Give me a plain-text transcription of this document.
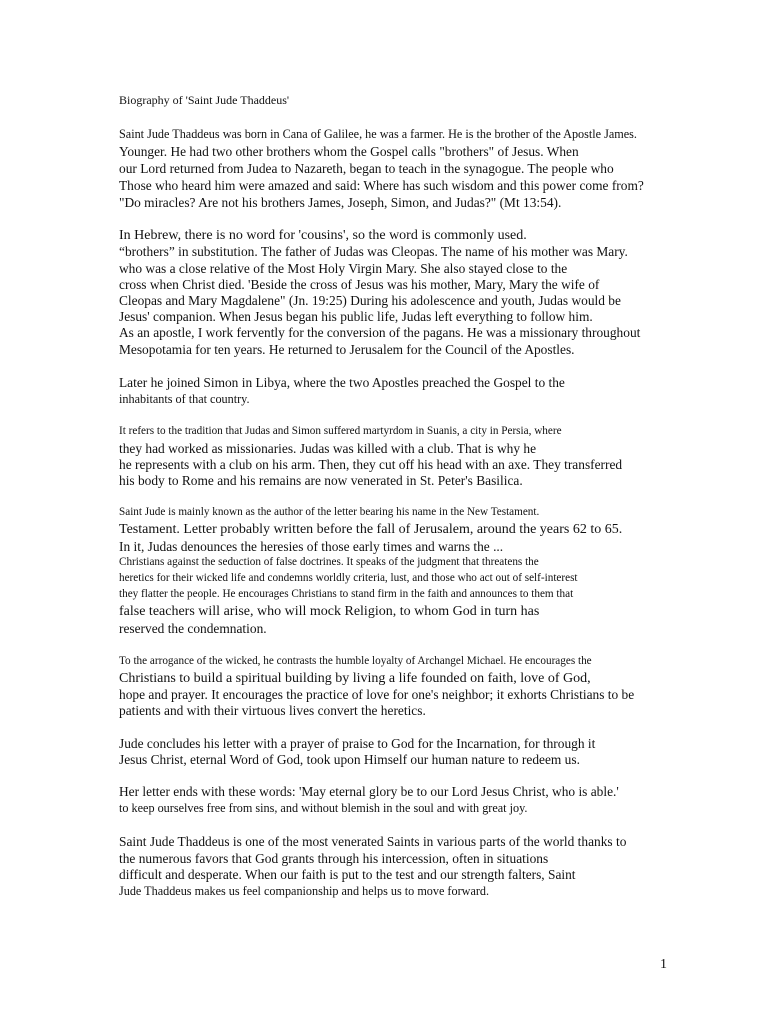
Biography of 'Saint Jude Thaddeus'
Saint Jude Thaddeus was born in Cana of Galilee, he was a farmer. He is the brother of the Apostle James.
Younger. He had two other brothers whom the Gospel calls "brothers" of Jesus. When
our Lord returned from Judea to Nazareth, began to teach in the synagogue. The people who
Those who heard him were amazed and said: Where has such wisdom and this power come from?
"Do miracles? Are not his brothers James, Joseph, Simon, and Judas?" (Mt 13:54).
In Hebrew, there is no word for 'cousins', so the word is commonly used.
“brothers” in substitution. The father of Judas was Cleopas. The name of his mother was Mary.
who was a close relative of the Most Holy Virgin Mary. She also stayed close to the
cross when Christ died. 'Beside the cross of Jesus was his mother, Mary, Mary the wife of
Cleopas and Mary Magdalene" (Jn. 19:25) During his adolescence and youth, Judas would be
Jesus' companion. When Jesus began his public life, Judas left everything to follow him.
As an apostle, I work fervently for the conversion of the pagans. He was a missionary throughout
Mesopotamia for ten years. He returned to Jerusalem for the Council of the Apostles.
Later he joined Simon in Libya, where the two Apostles preached the Gospel to the
inhabitants of that country.
It refers to the tradition that Judas and Simon suffered martyrdom in Suanis, a city in Persia, where
they had worked as missionaries. Judas was killed with a club. That is why he
he represents with a club on his arm. Then, they cut off his head with an axe. They transferred
his body to Rome and his remains are now venerated in St. Peter's Basilica.
Saint Jude is mainly known as the author of the letter bearing his name in the New Testament.
Testament. Letter probably written before the fall of Jerusalem, around the years 62 to 65.
In it, Judas denounces the heresies of those early times and warns the ...
Christians against the seduction of false doctrines. It speaks of the judgment that threatens the
heretics for their wicked life and condemns worldly criteria, lust, and those who act out of self-interest
they flatter the people. He encourages Christians to stand firm in the faith and announces to them that
false teachers will arise, who will mock Religion, to whom God in turn has
reserved the condemnation.
To the arrogance of the wicked, he contrasts the humble loyalty of Archangel Michael. He encourages the
Christians to build a spiritual building by living a life founded on faith, love of God,
hope and prayer. It encourages the practice of love for one's neighbor; it exhorts Christians to be
patients and with their virtuous lives convert the heretics.
Jude concludes his letter with a prayer of praise to God for the Incarnation, for through it
Jesus Christ, eternal Word of God, took upon Himself our human nature to redeem us.
Her letter ends with these words: 'May eternal glory be to our Lord Jesus Christ, who is able.'
to keep ourselves free from sins, and without blemish in the soul and with great joy.
Saint Jude Thaddeus is one of the most venerated Saints in various parts of the world thanks to
the numerous favors that God grants through his intercession, often in situations
difficult and desperate. When our faith is put to the test and our strength falters, Saint
Jude Thaddeus makes us feel companionship and helps us to move forward.
1
